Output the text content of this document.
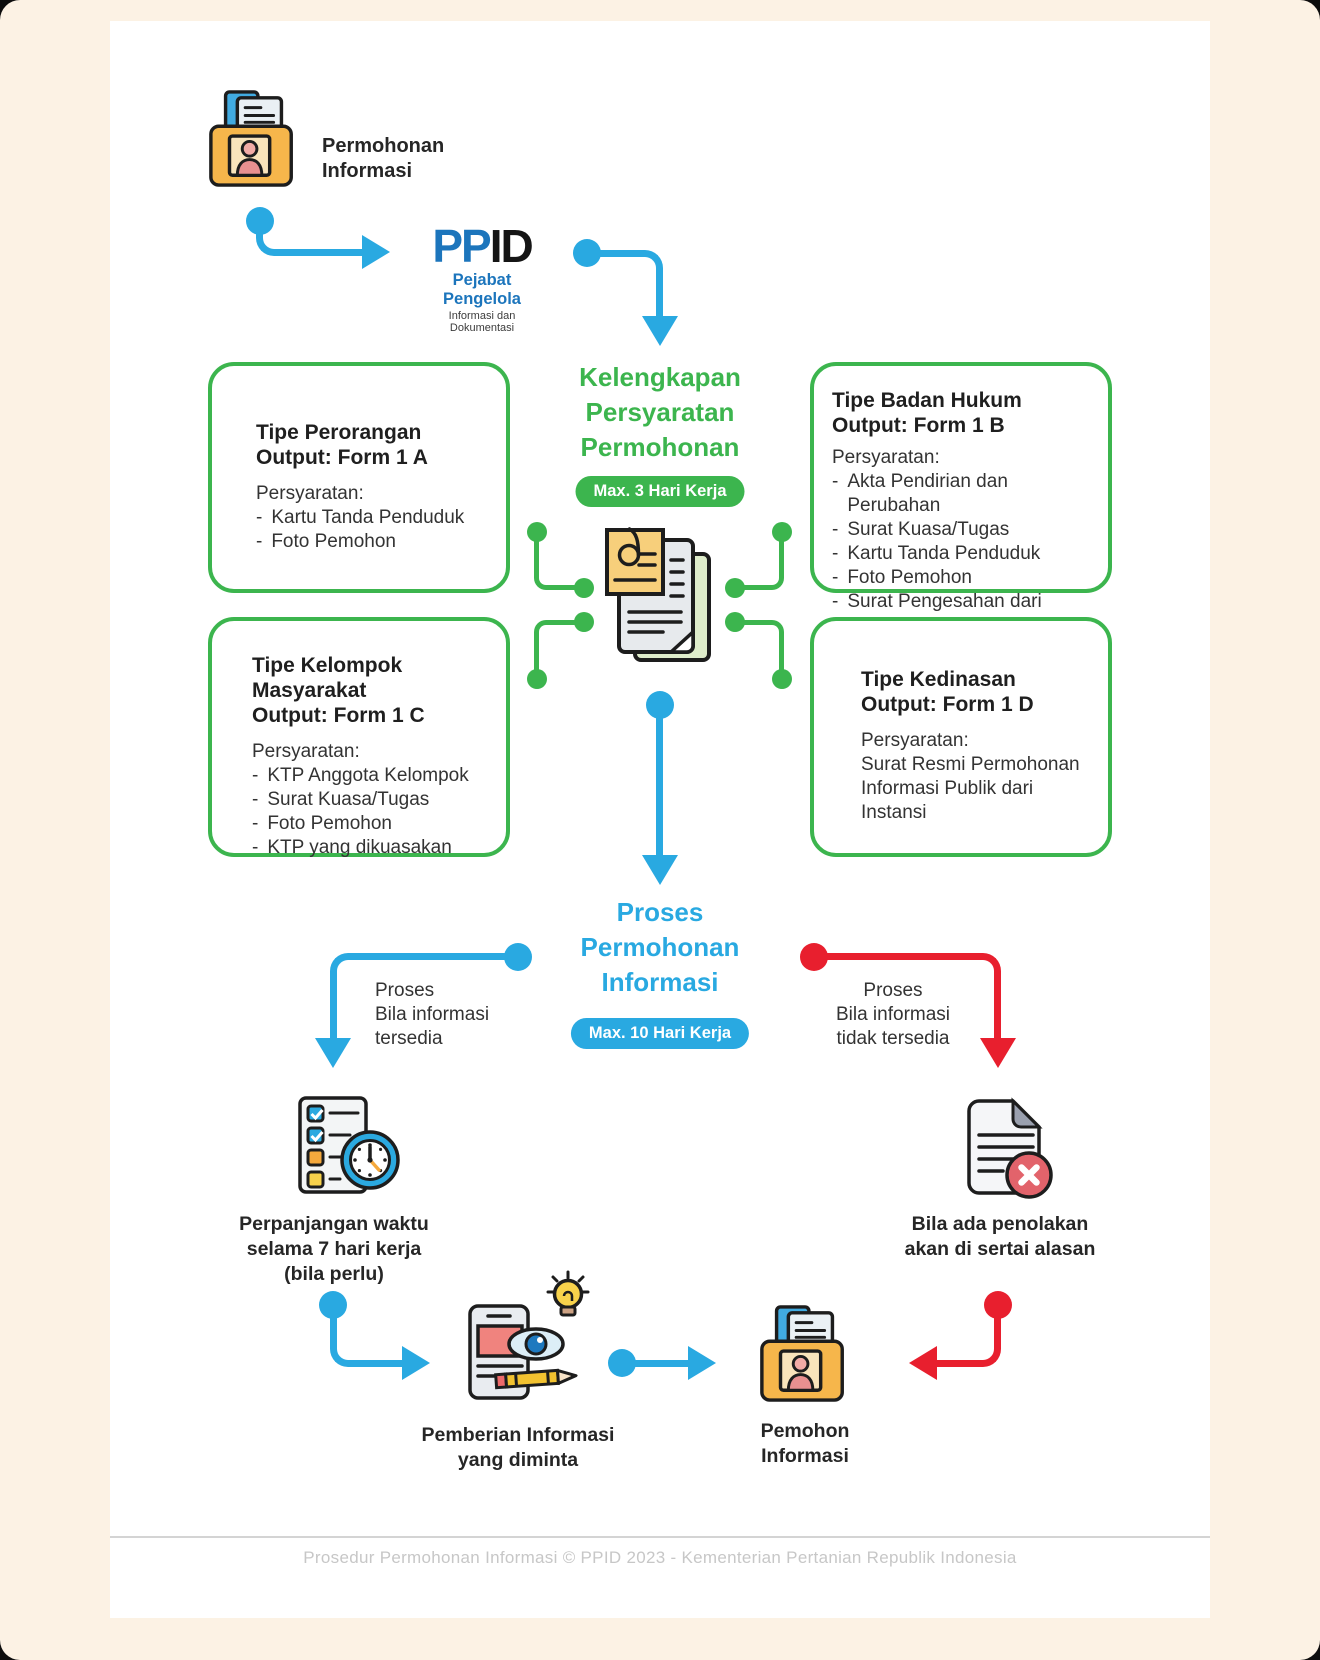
Permohonan
Informasi
PPID
Pejabat Pengelola
Informasi dan Dokumentasi
Kelengkapan
Persyaratan
Permohonan
Max. 3 Hari Kerja
Tipe Perorangan
Output: Form 1 A
Persyaratan:
- Kartu Tanda Penduduk
- Foto Pemohon
Tipe Badan Hukum
Output: Form 1 B
Persyaratan:
- Akta Pendirian dan Perubahan
- Surat Kuasa/Tugas
- Kartu Tanda Penduduk
- Foto Pemohon
- Surat Pengesahan dari
-
Tipe Kelompok Masyarakat
Output: Form 1 C
Persyaratan:
- KTP Anggota Kelompok
- Surat Kuasa/Tugas
- Foto Pemohon
- KTP yang dikuasakan
Tipe Kedinasan
Output: Form 1 D
Persyaratan:
Surat Resmi Permohonan
Informasi Publik dari
Instansi
Proses
Permohonan
Informasi
Max. 10 Hari Kerja
Proses
Bila informasi
tersedia
Proses
Bila informasi
tidak tersedia
Perpanjangan waktu
selama 7 hari kerja
(bila perlu)
Bila ada penolakan
akan di sertai alasan
Pemberian Informasi
yang diminta
Pemohon
Informasi
Prosedur Permohonan Informasi © PPID 2023 - Kementerian Pertanian Republik Indonesia
